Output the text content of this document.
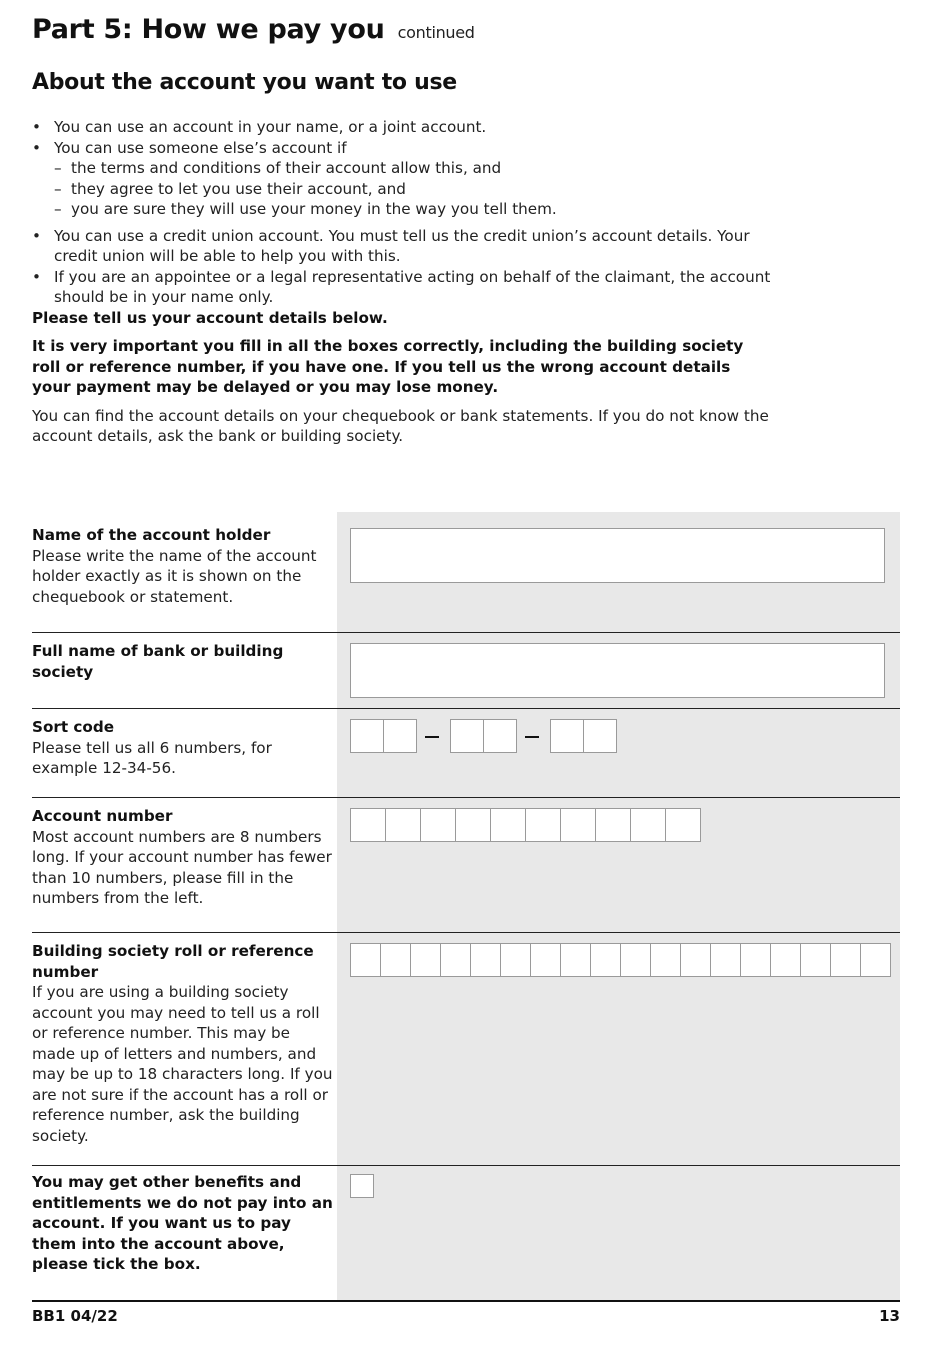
Part 5: How we pay you continued
About the account you want to use
• You can use an account in your name, or a joint account.
• You can use someone else’s account if
– the terms and conditions of their account allow this, and
– they agree to let you use their account, and
– you are sure they will use your money in the way you tell them.
• You can use a credit union account. You must tell us the credit union’s account details. Your credit union will be able to help you with this.
• If you are an appointee or a legal representative acting on behalf of the claimant, the account should be in your name only.

Please tell us your account details below.

It is very important you fill in all the boxes correctly, including the building society roll or reference number, if you have one. If you tell us the wrong account details your payment may be delayed or you may lose money.

You can find the account details on your chequebook or bank statements. If you do not know the account details, ask the bank or building society.

Name of the account holder
Please write the name of the account holder exactly as it is shown on the chequebook or statement.
Full name of bank or building society
Sort code
Please tell us all 6 numbers, for example 12-34-56.
Account number
Most account numbers are 8 numbers long. If your account number has fewer than 10 numbers, please fill in the numbers from the left.
Building society roll or reference number
If you are using a building society account you may need to tell us a roll or reference number. This may be made up of letters and numbers, and may be up to 18 characters long. If you are not sure if the account has a roll or reference number, ask the building society.
You may get other benefits and entitlements we do not pay into an account. If you want us to pay them into the account above, please tick the box.
BB1 04/22	13
